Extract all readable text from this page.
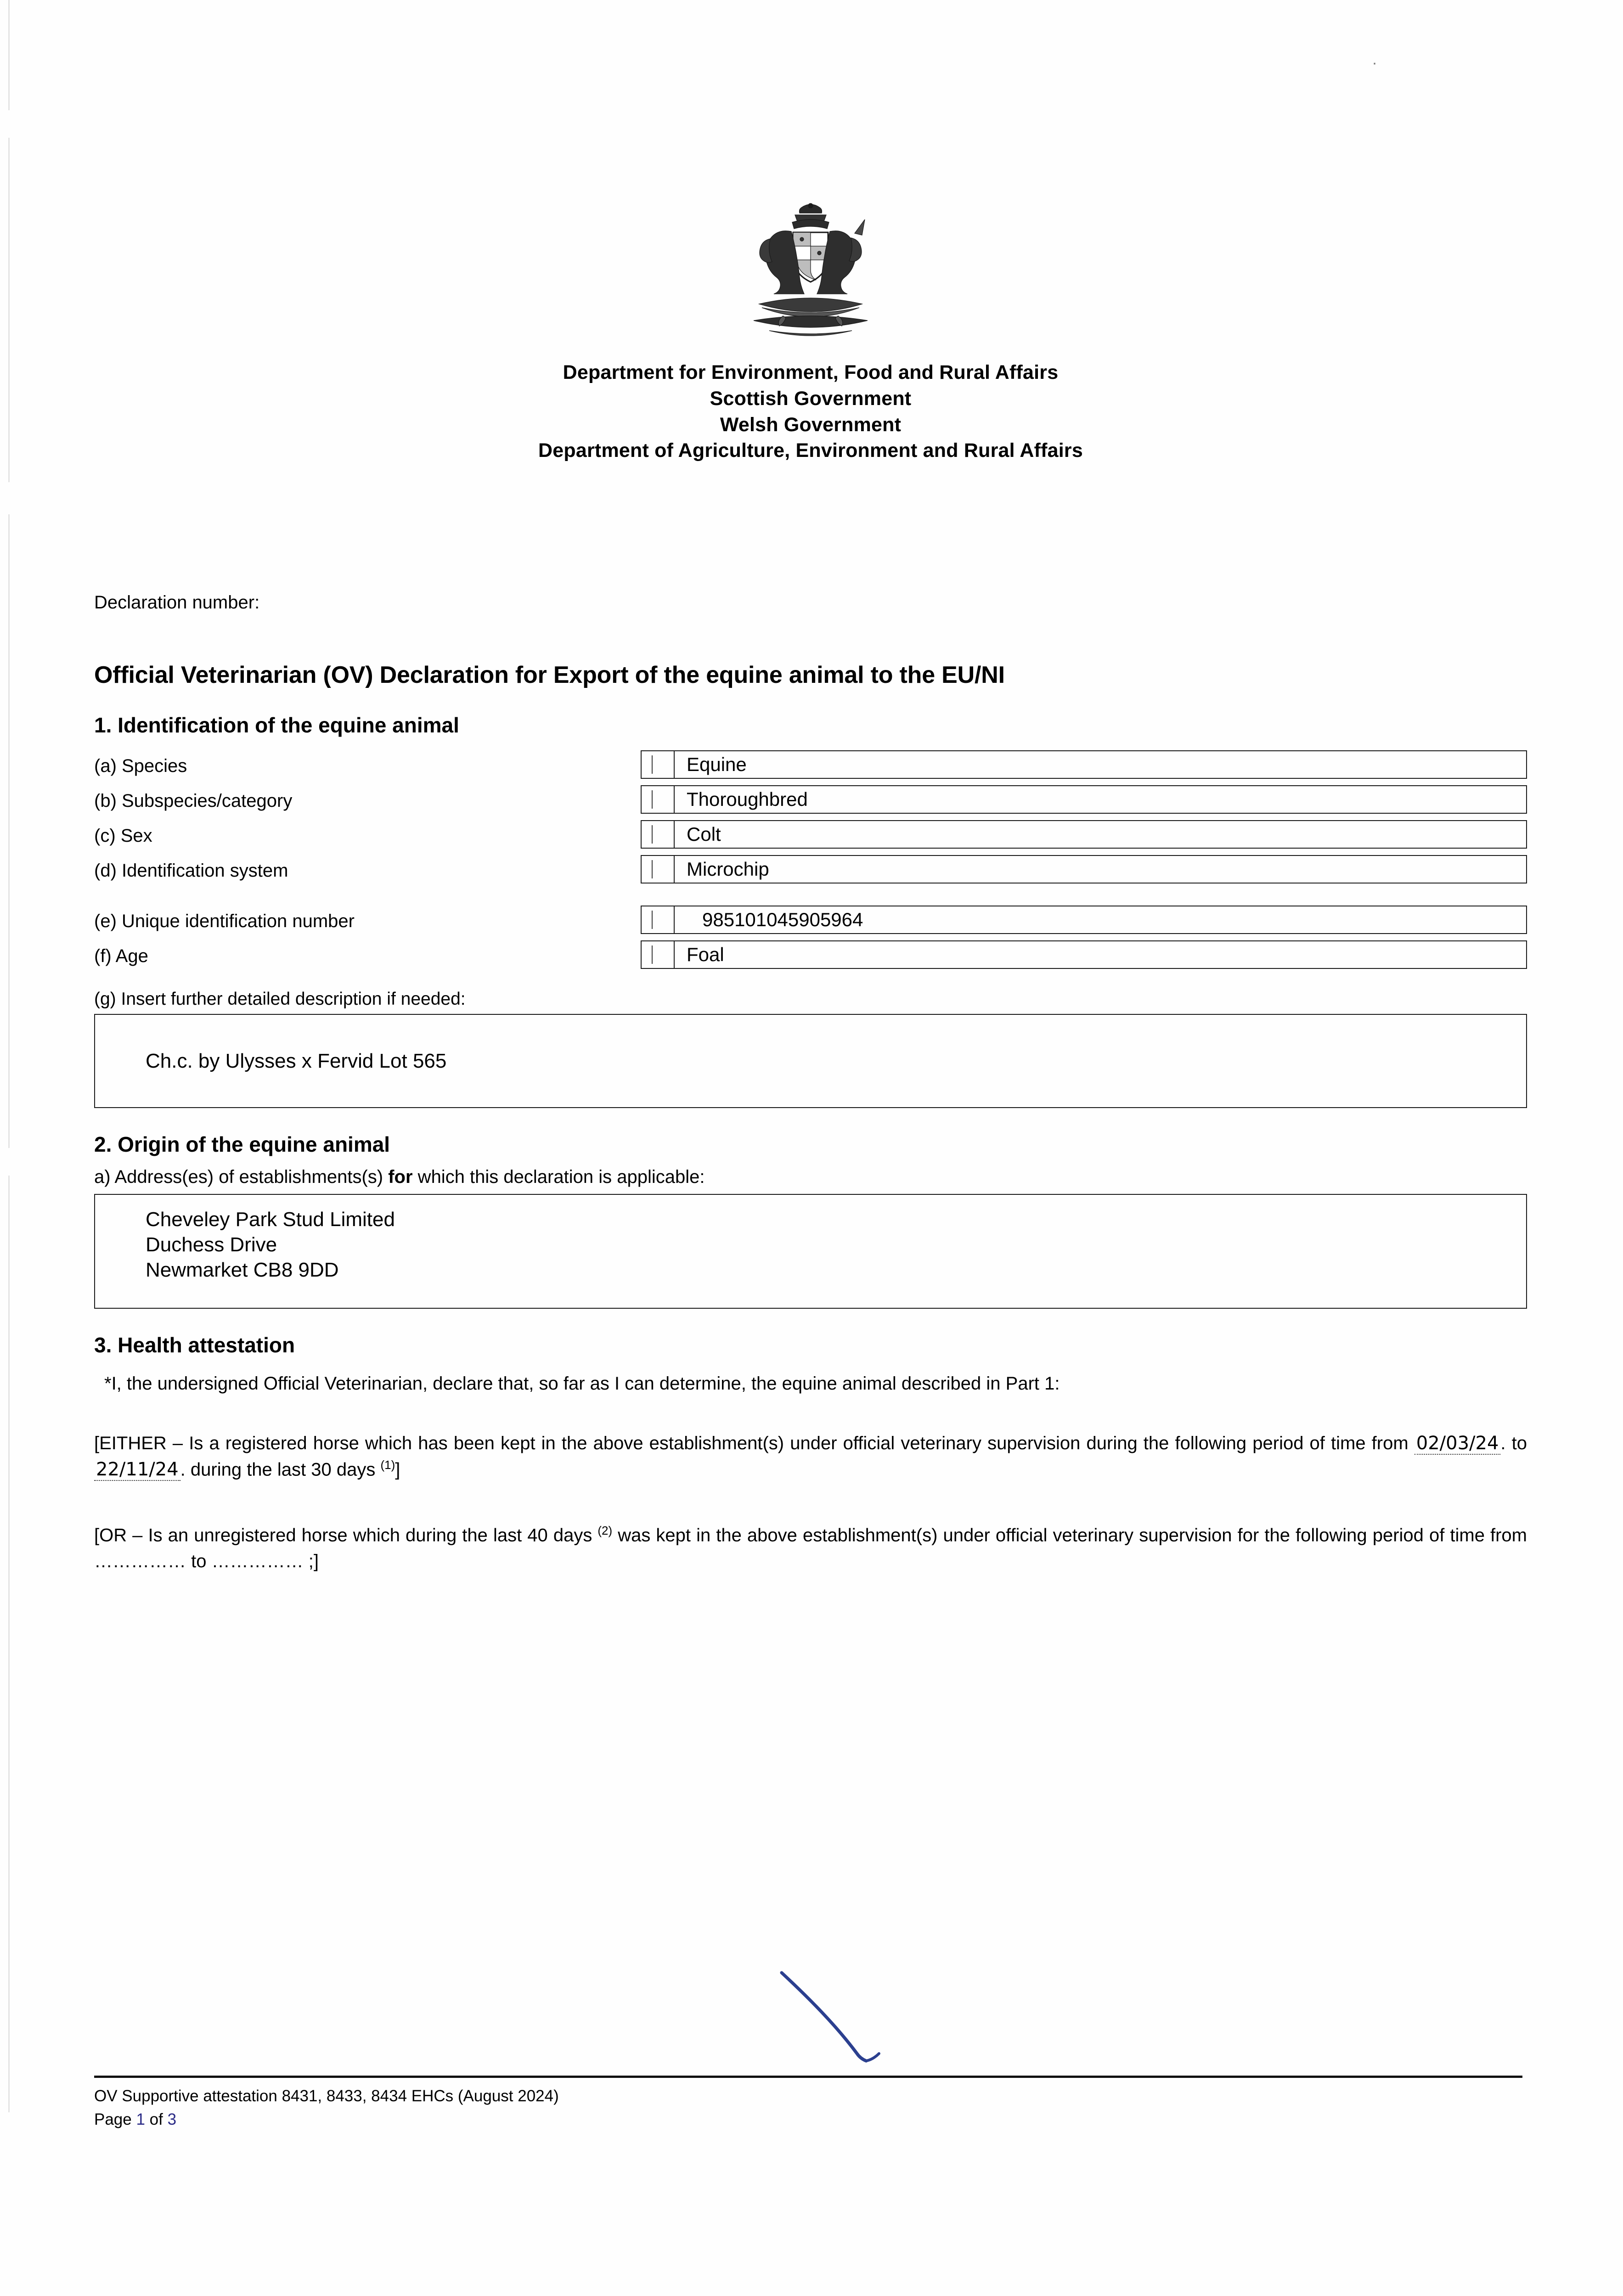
۰
Department for Environment, Food and Rural Affairs
Scottish Government
Welsh Government
Department of Agriculture, Environment and Rural Affairs
Declaration number:
Official Veterinarian (OV) Declaration for Export of the equine animal to the EU/NI
1. Identification of the equine animal
(a) Species	Equine
(b) Subspecies/category	Thoroughbred
(c) Sex	Colt
(d) Identification system	Microchip
(e) Unique identification number	985101045905964
(f) Age	Foal
(g) Insert further detailed description if needed:
Ch.c. by Ulysses x Fervid Lot 565
2. Origin of the equine animal
a) Address(es) of establishments(s) for which this declaration is applicable:
Cheveley Park Stud Limited
Duchess Drive
Newmarket CB8 9DD
3. Health attestation
*I, the undersigned Official Veterinarian, declare that, so far as I can determine, the equine animal described in Part 1:
[EITHER – Is a registered horse which has been kept in the above establishment(s) under official veterinary supervision during the following period of time from 02/03/24 . to 22/11/24 . during the last 30 days $^{(1)}$]
[OR – Is an unregistered horse which during the last 40 days $^{(2)}$ was kept in the above establishment(s) under official veterinary supervision for the following period of time from …………… to …………… ;]
OV Supportive attestation 8431, 8433, 8434 EHCs (August 2024)
Page 1 of 3
